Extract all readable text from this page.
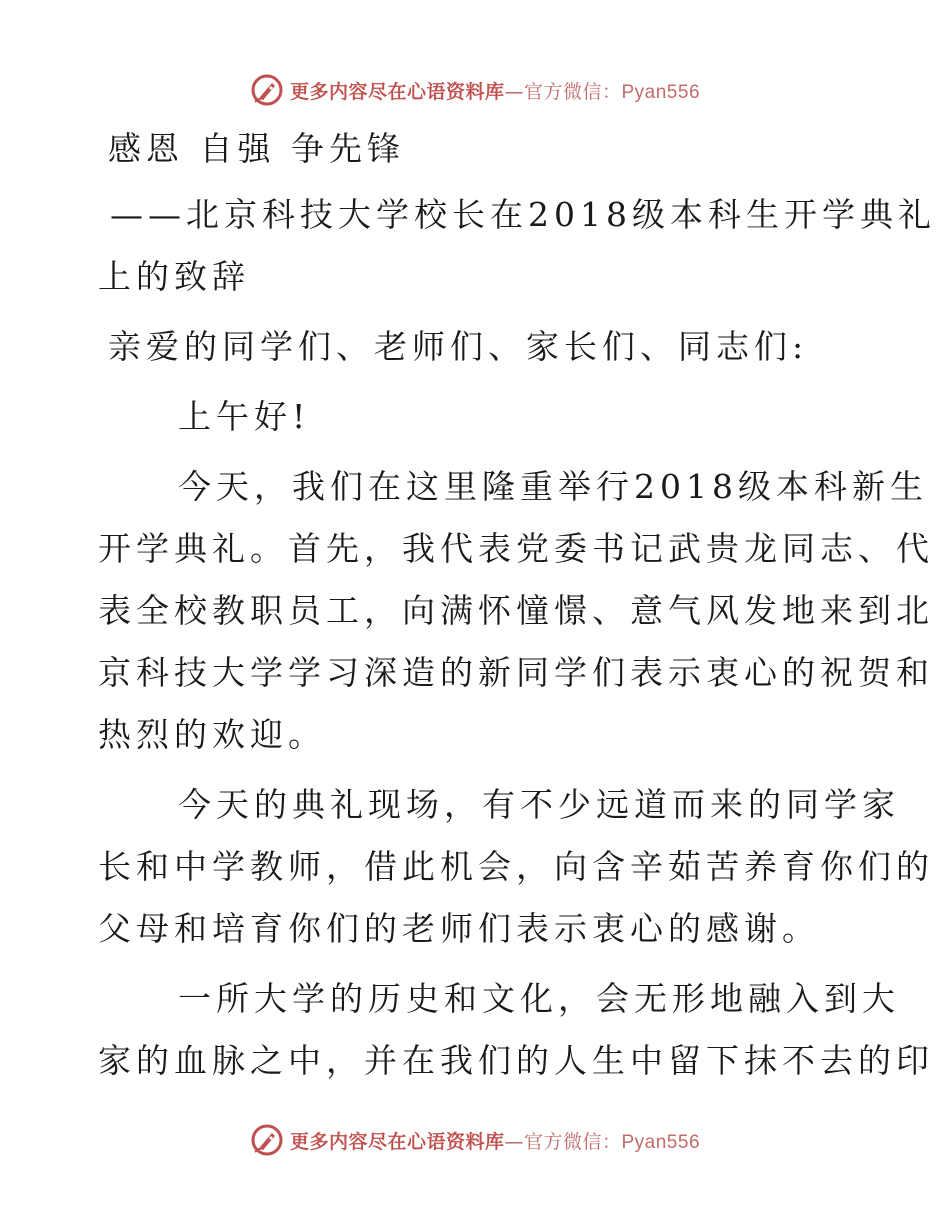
更多内容尽在心语资料库—官方微信：Pyan556

感恩 自强 争先锋

——北京科技大学校长在2018级本科生开学典礼

上的致辞

亲爱的同学们、老师们、家长们、同志们:

上午好!

今天，我们在这里隆重举行2018级本科新生

开学典礼。首先，我代表党委书记武贵龙同志、代

表全校教职员工，向满怀憧憬、意气风发地来到北

京科技大学学习深造的新同学们表示衷心的祝贺和

热烈的欢迎。

今天的典礼现场，有不少远道而来的同学家

长和中学教师，借此机会，向含辛茹苦养育你们的

父母和培育你们的老师们表示衷心的感谢。

一所大学的历史和文化，会无形地融入到大

家的血脉之中，并在我们的人生中留下抹不去的印

更多内容尽在心语资料库—官方微信：Pyan556
